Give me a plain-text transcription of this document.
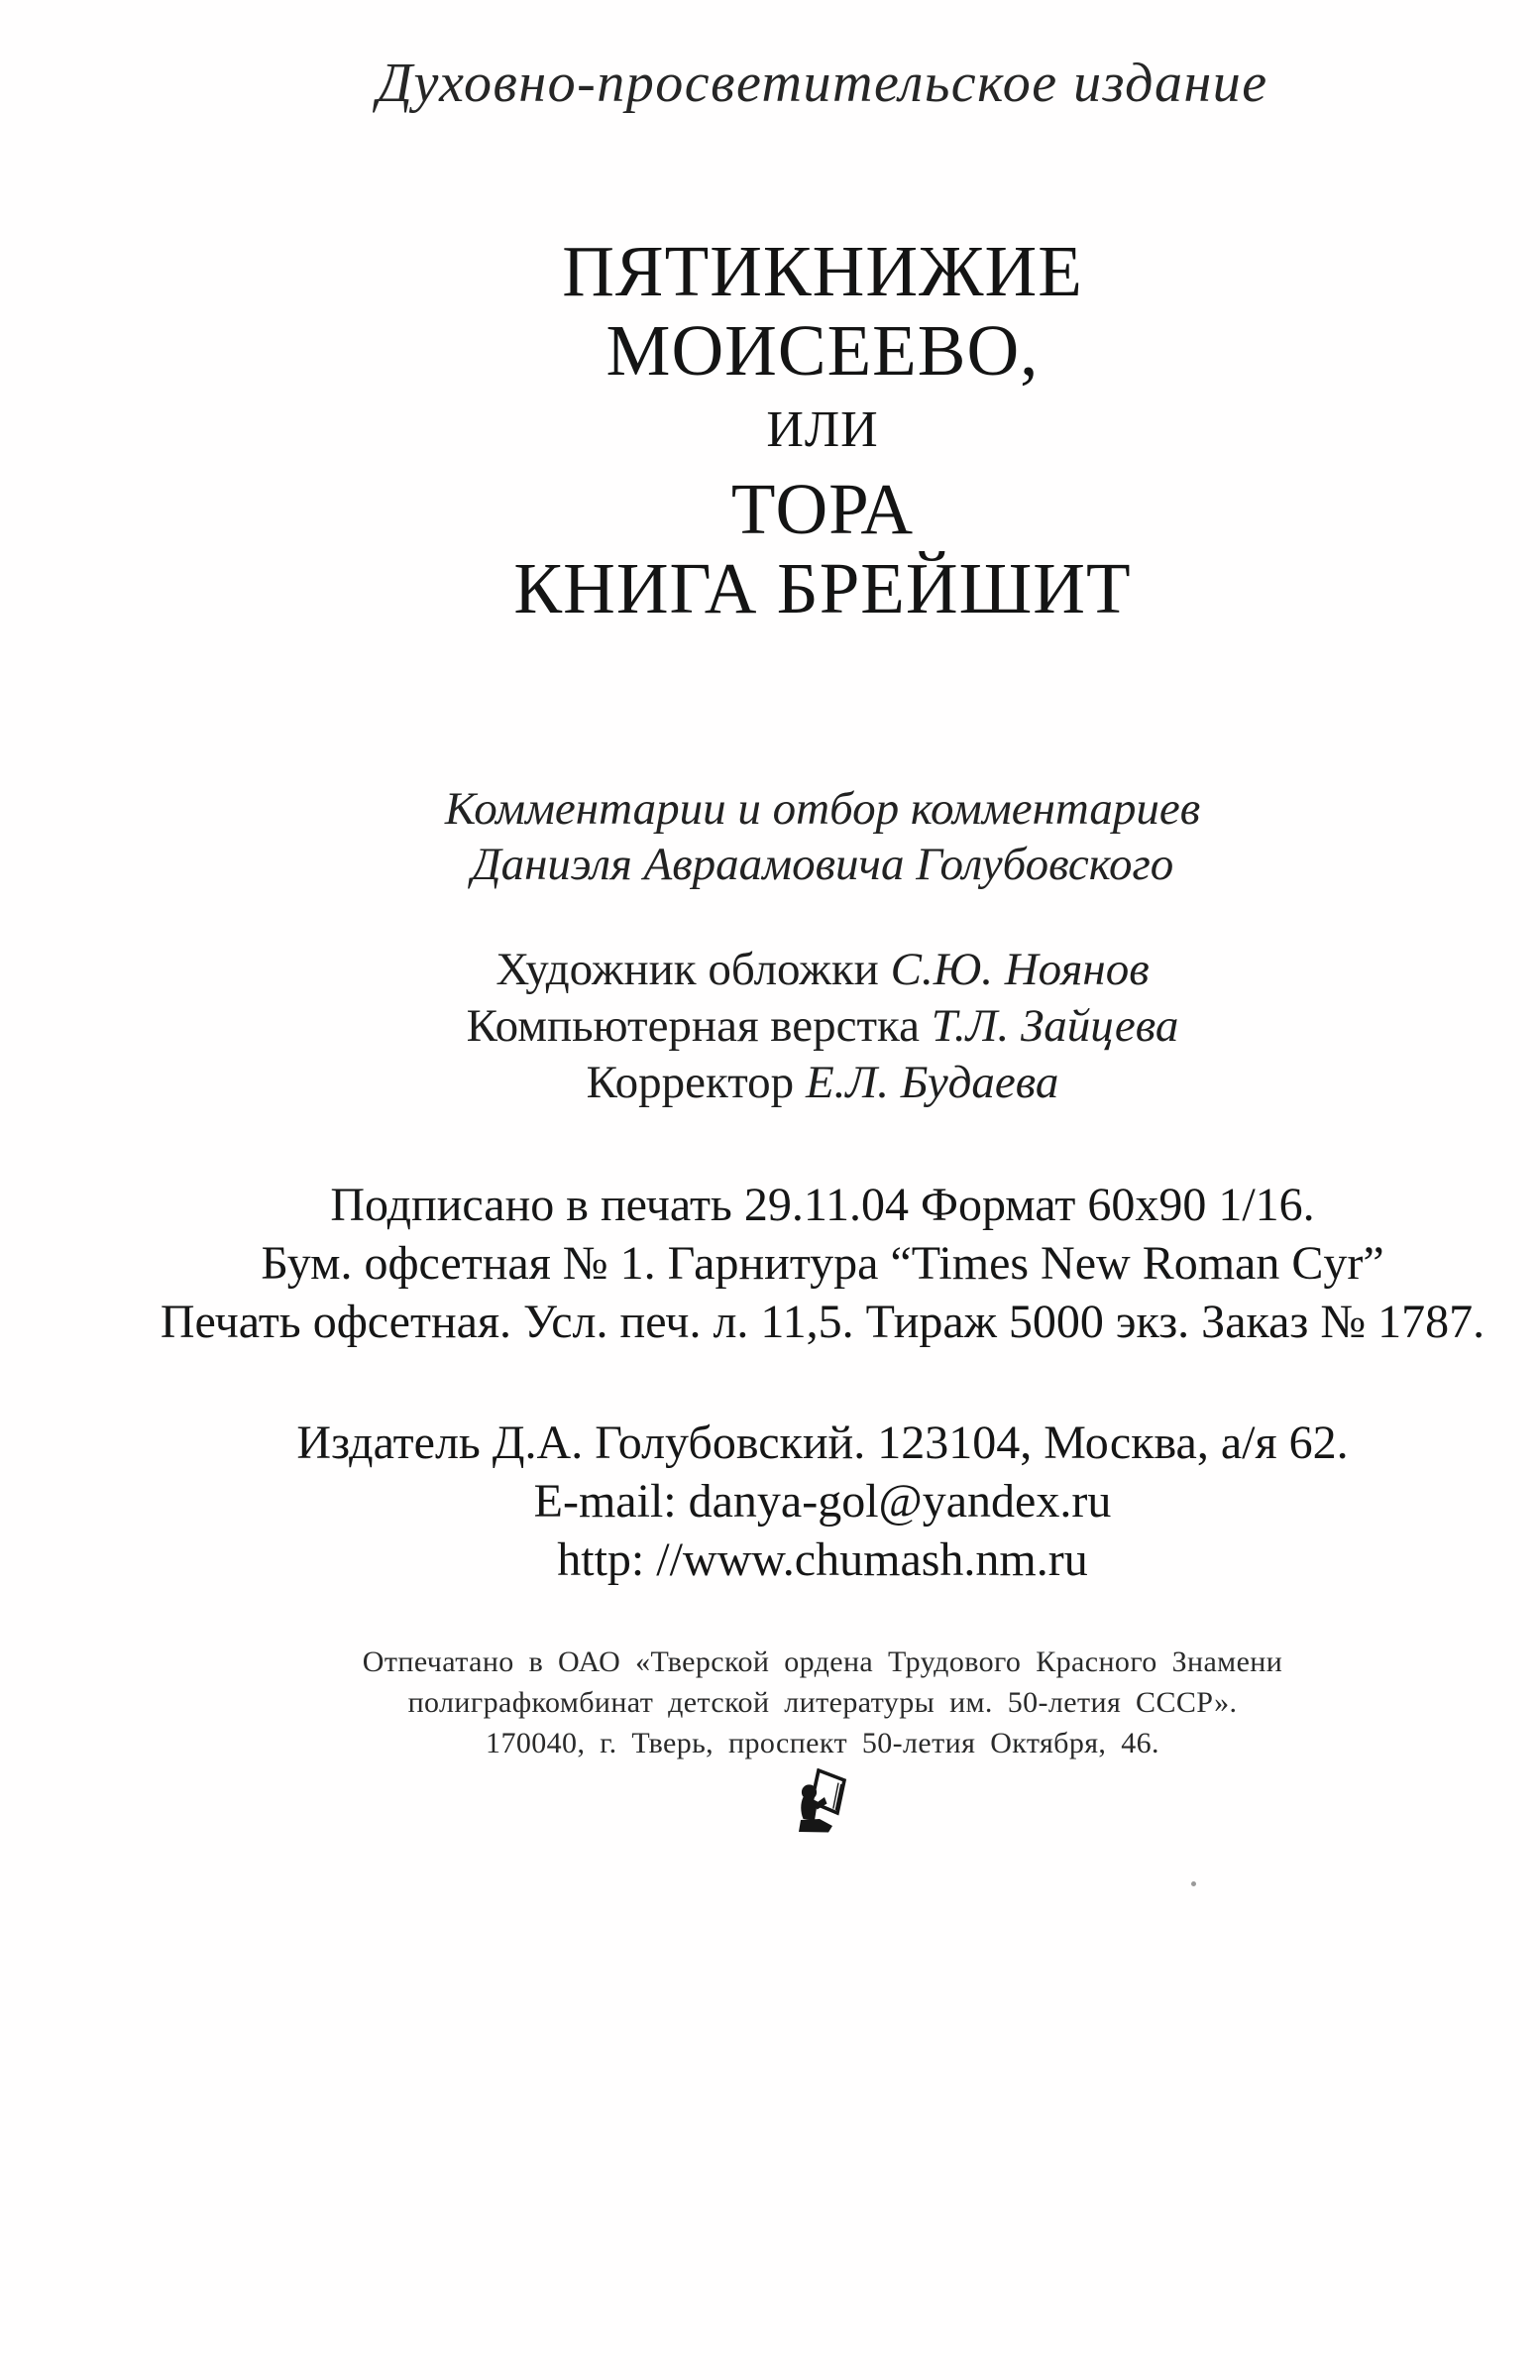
Духовно-просветительское издание
ПЯТИКНИЖИЕ
МОИСЕЕВО,
ИЛИ
ТОРА
КНИГА БРЕЙШИТ
Комментарии и отбор комментариев
Даниэля Авраамовича Голубовского
Художник обложки С.Ю. Ноянов
Компьютерная верстка Т.Л. Зайцева
Корректор Е.Л. Будаева
Подписано в печать 29.11.04 Формат 60х90 1/16.
Бум. офсетная № 1. Гарнитура “Times New Roman Cyr”
Печать офсетная. Усл. печ. л. 11,5. Тираж 5000 экз. Заказ № 1787.
Издатель Д.А. Голубовский. 123104, Москва, а/я 62.
E-mail: danya-gol@yandex.ru
http: //www.chumash.nm.ru
Отпечатано в ОАО «Тверской ордена Трудового Красного Знамени
полиграфкомбинат детской литературы им. 50-летия СССР».
170040, г. Тверь, проспект 50-летия Октября, 46.
